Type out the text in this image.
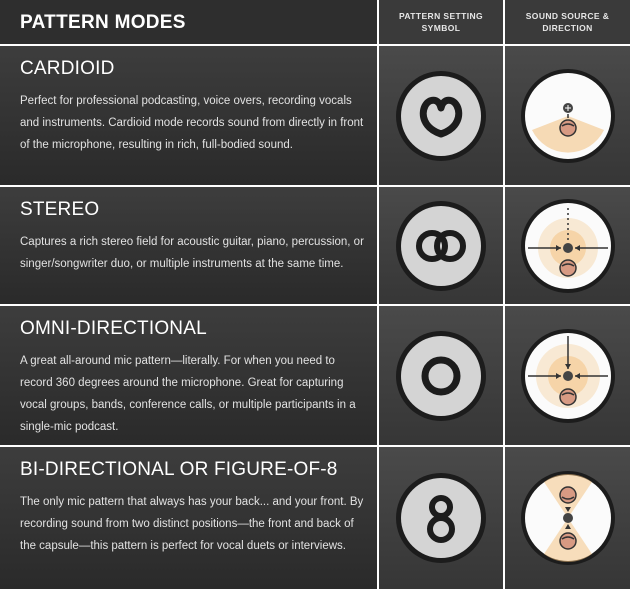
PATTERN MODES	PATTERN SETTING
SYMBOL
SOUND SOURCE &
DIRECTION
CARDIOID
Perfect for professional podcasting, voice overs, recording vocals and instruments. Cardioid mode records sound from directly in front of the microphone, resulting in rich, full-bodied sound.
STEREO
Captures a rich stereo field for acoustic guitar, piano, percussion, or singer/songwriter duo, or multiple instruments at the same time.
OMNI-DIRECTIONAL
A great all-around mic pattern—literally. For when you need to record 360 degrees around the microphone. Great for capturing vocal groups, bands, conference calls, or multiple participants in a single-mic podcast.
BI-DIRECTIONAL OR FIGURE-OF-8
The only mic pattern that always has your back... and your front. By recording sound from two distinct positions—the front and back of the capsule—this pattern is perfect for vocal duets or interviews.
